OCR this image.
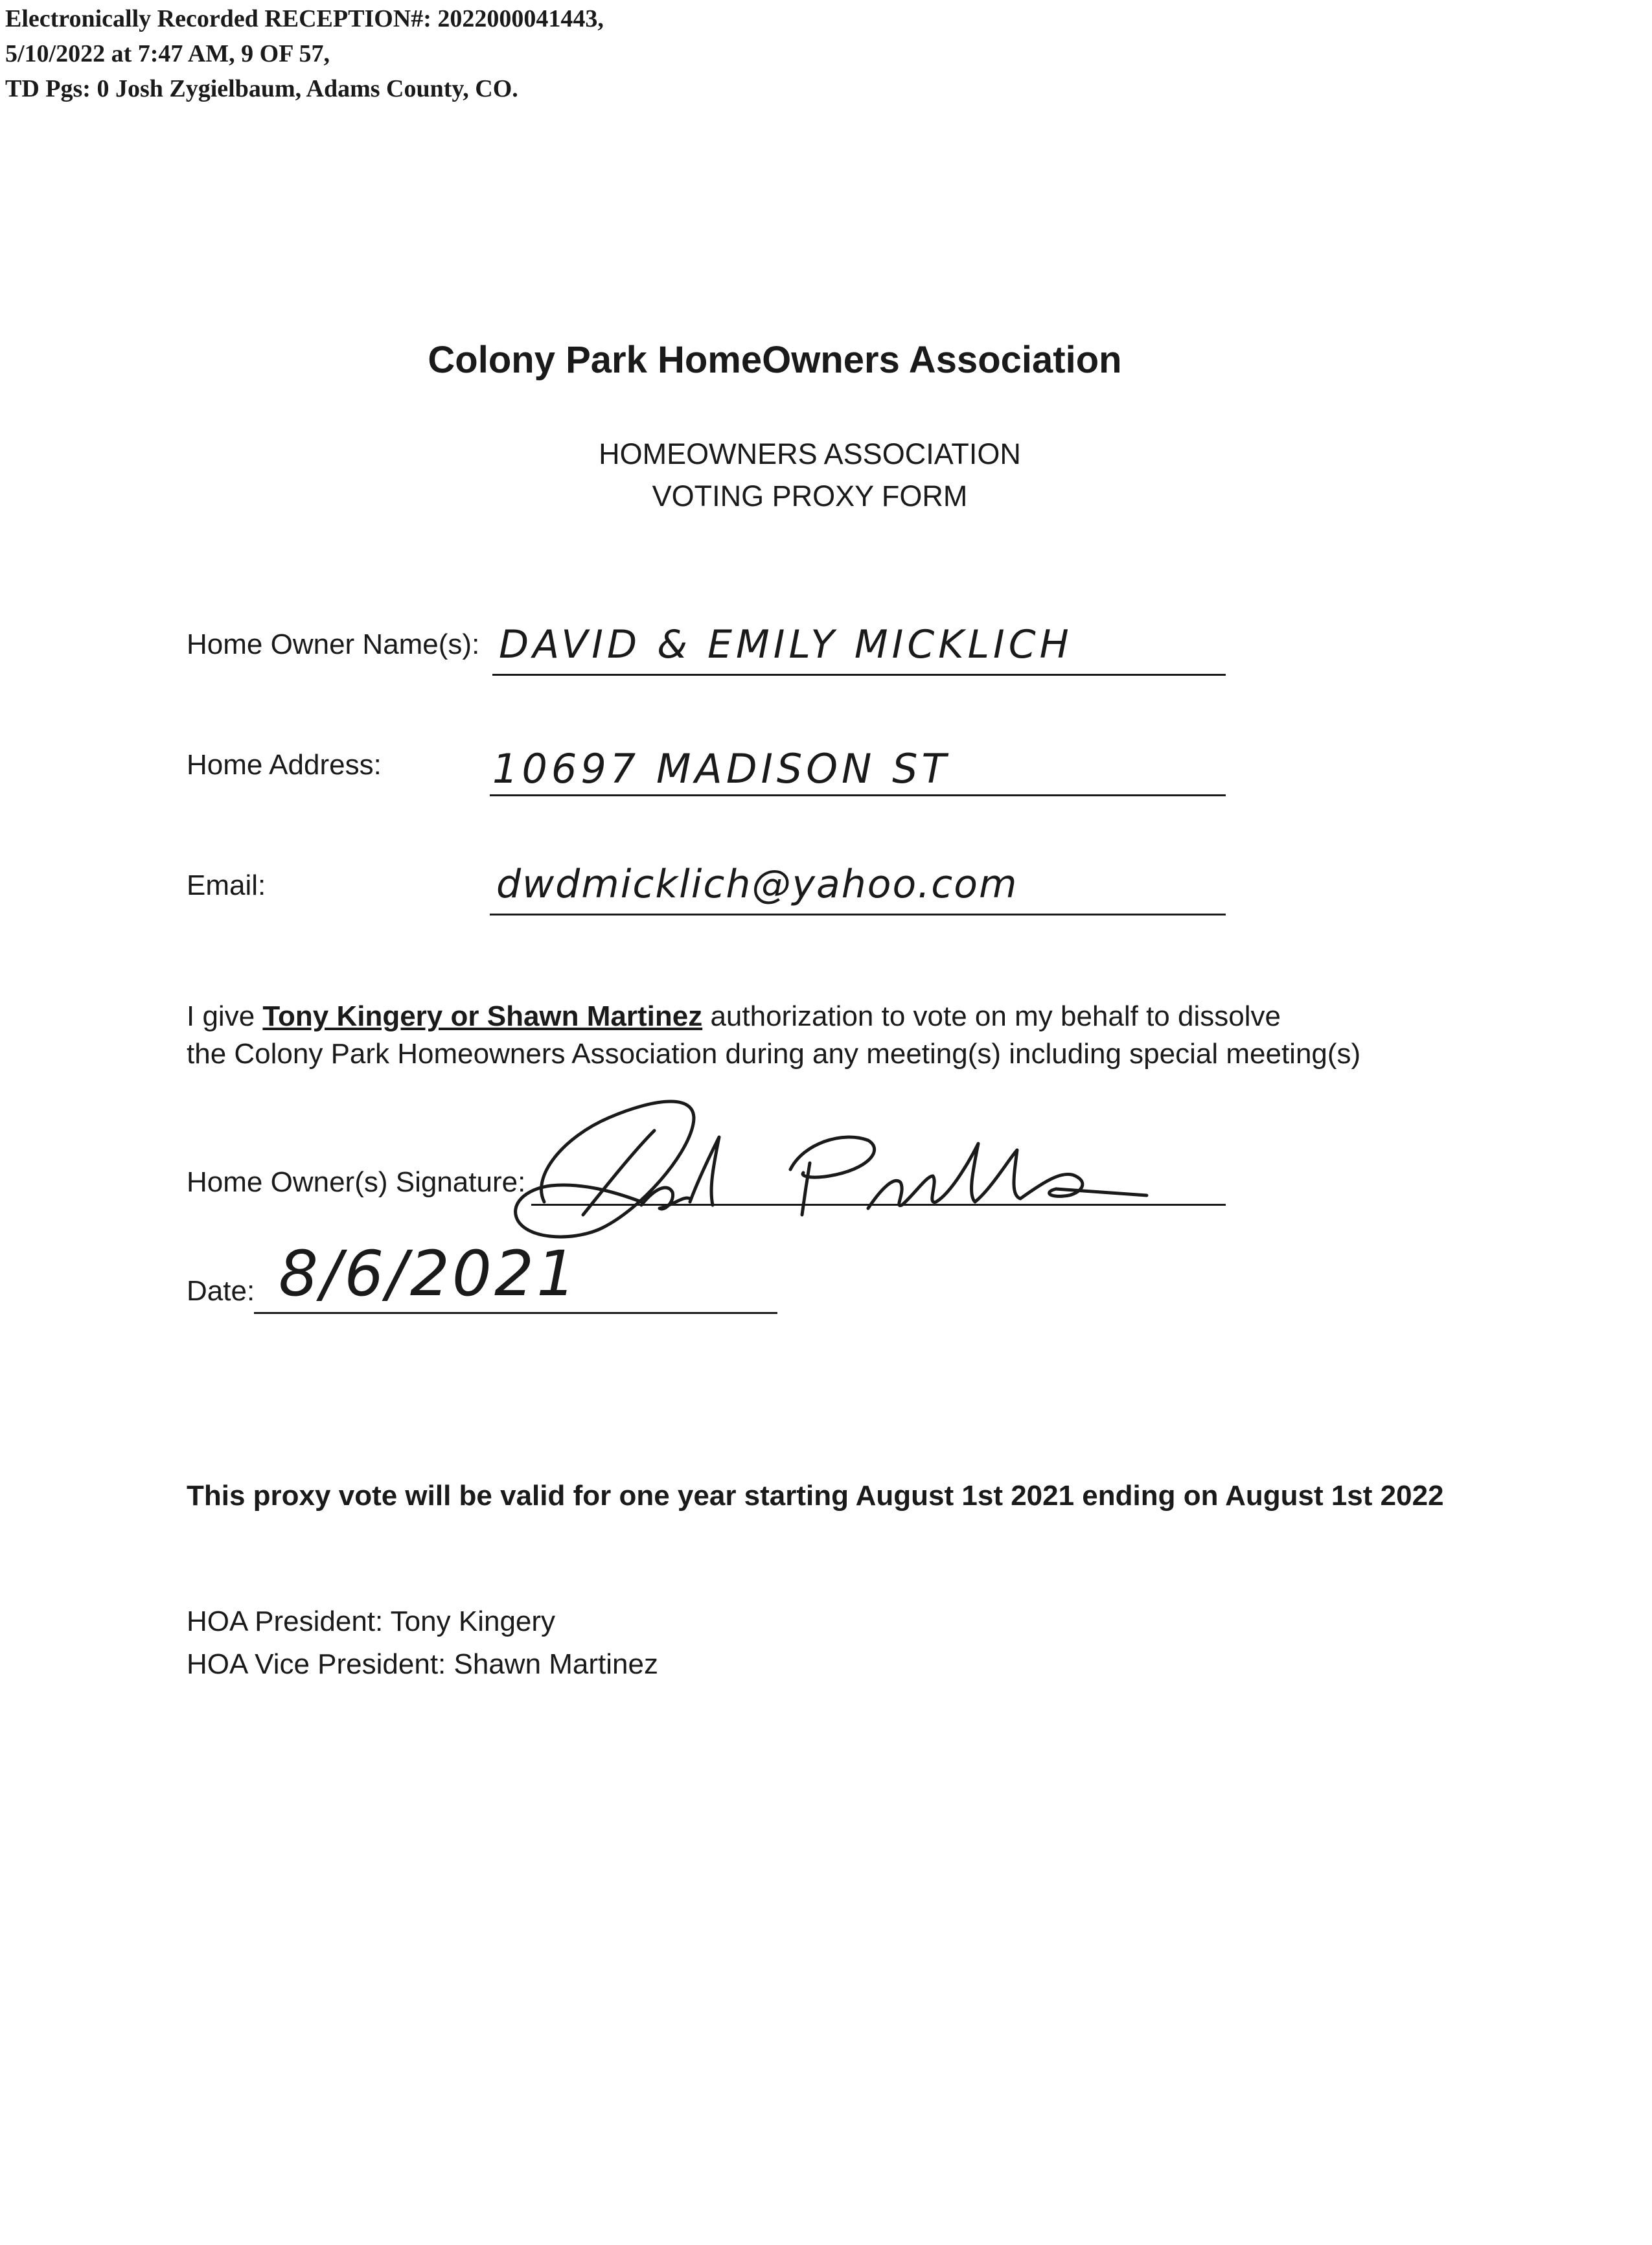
Electronically Recorded RECEPTION#: 2022000041443,
5/10/2022 at 7:47 AM, 9 OF 57,
TD Pgs: 0 Josh Zygielbaum, Adams County, CO.
Colony Park HomeOwners Association
HOMEOWNERS ASSOCIATION
VOTING PROXY FORM
Home Owner Name(s): DAVID & EMILY MICKLICH
Home Address:	10697 MADISON ST
Email:	dwdmicklich@yahoo.com
I give Tony Kingery or Shawn Martinez authorization to vote on my behalf to dissolve
the Colony Park Homeowners Association during any meeting(s) including special meeting(s)
Home Owner(s) Signature:
Date: 8/6/2021
This proxy vote will be valid for one year starting August 1st 2021 ending on August 1st 2022
HOA President: Tony Kingery
HOA Vice President: Shawn Martinez
